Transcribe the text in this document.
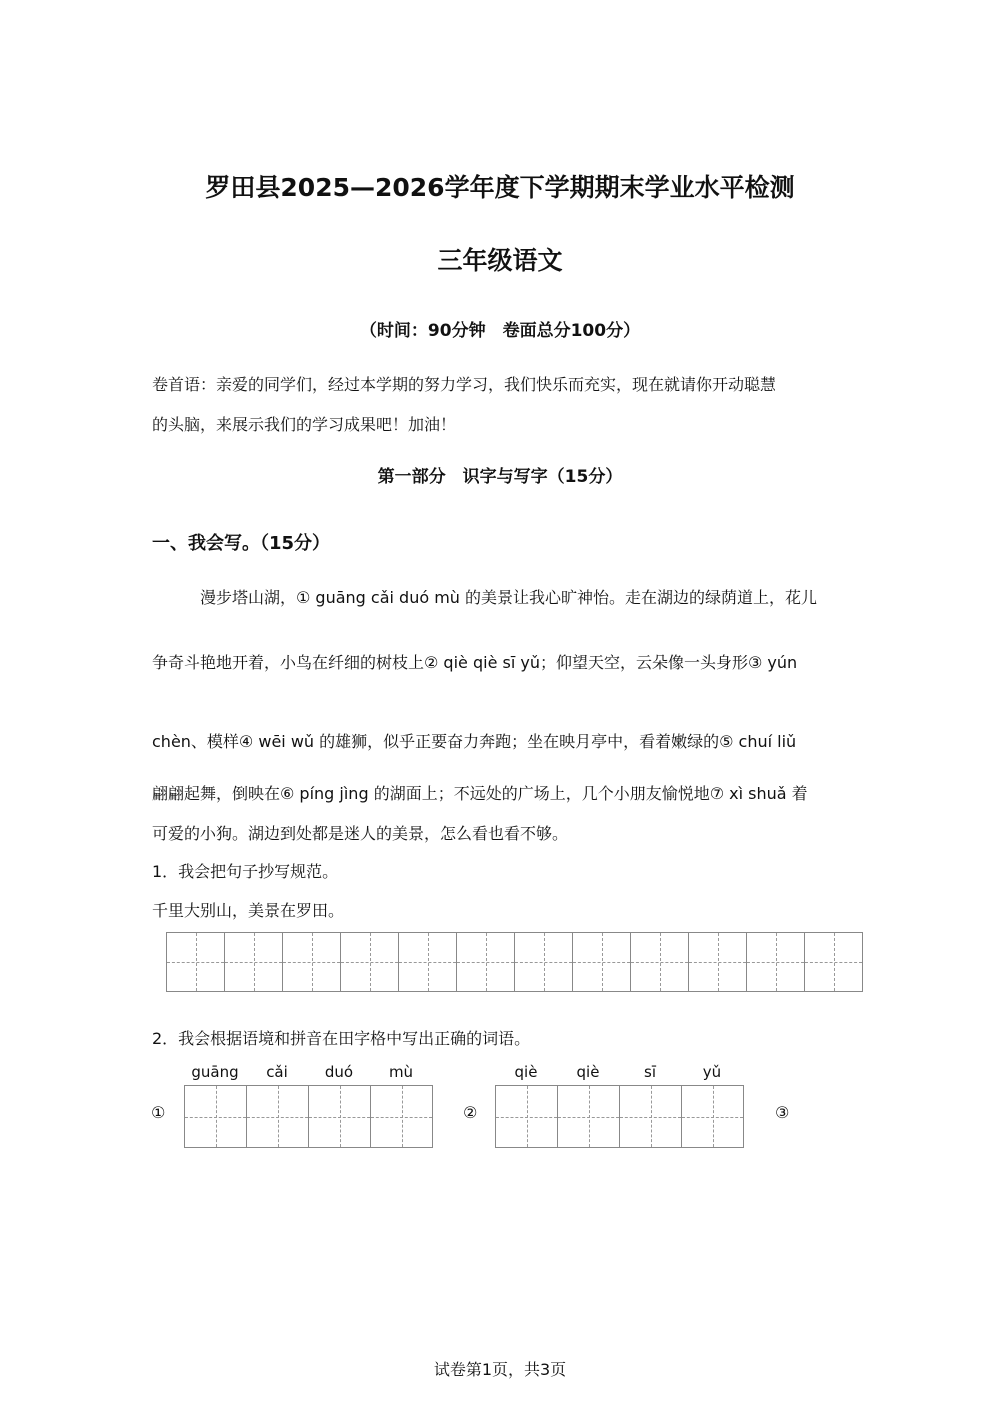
罗田县2025—2026学年度下学期期末学业水平检测
三年级语文
（时间：90分钟　卷面总分100分）
卷首语：亲爱的同学们，经过本学期的努力学习，我们快乐而充实，现在就请你开动聪慧
的头脑，来展示我们的学习成果吧！加油！
第一部分　识字与写字（15分）
一、我会写。（15分）
漫步塔山湖，① guāng cǎi duó mù 的美景让我心旷神怡。走在湖边的绿荫道上，花儿
争奇斗艳地开着，小鸟在纤细的树枝上② qiè qiè sī yǔ；仰望天空，云朵像一头身形③ yún
chèn、模样④ wēi wǔ 的雄狮，似乎正要奋力奔跑；坐在映月亭中，看着嫩绿的⑤ chuí liǔ
翩翩起舞，倒映在⑥ píng jìng 的湖面上；不远处的广场上，几个小朋友愉悦地⑦ xì shuǎ 着
可爱的小狗。湖边到处都是迷人的美景，怎么看也看不够。
1．我会把句子抄写规范。
千里大别山，美景在罗田。
2．我会根据语境和拼音在田字格中写出正确的词语。
①
guāng	cǎi	duó	mù
②
qiè	qiè	sī	yǔ
③
试卷第1页，共3页
